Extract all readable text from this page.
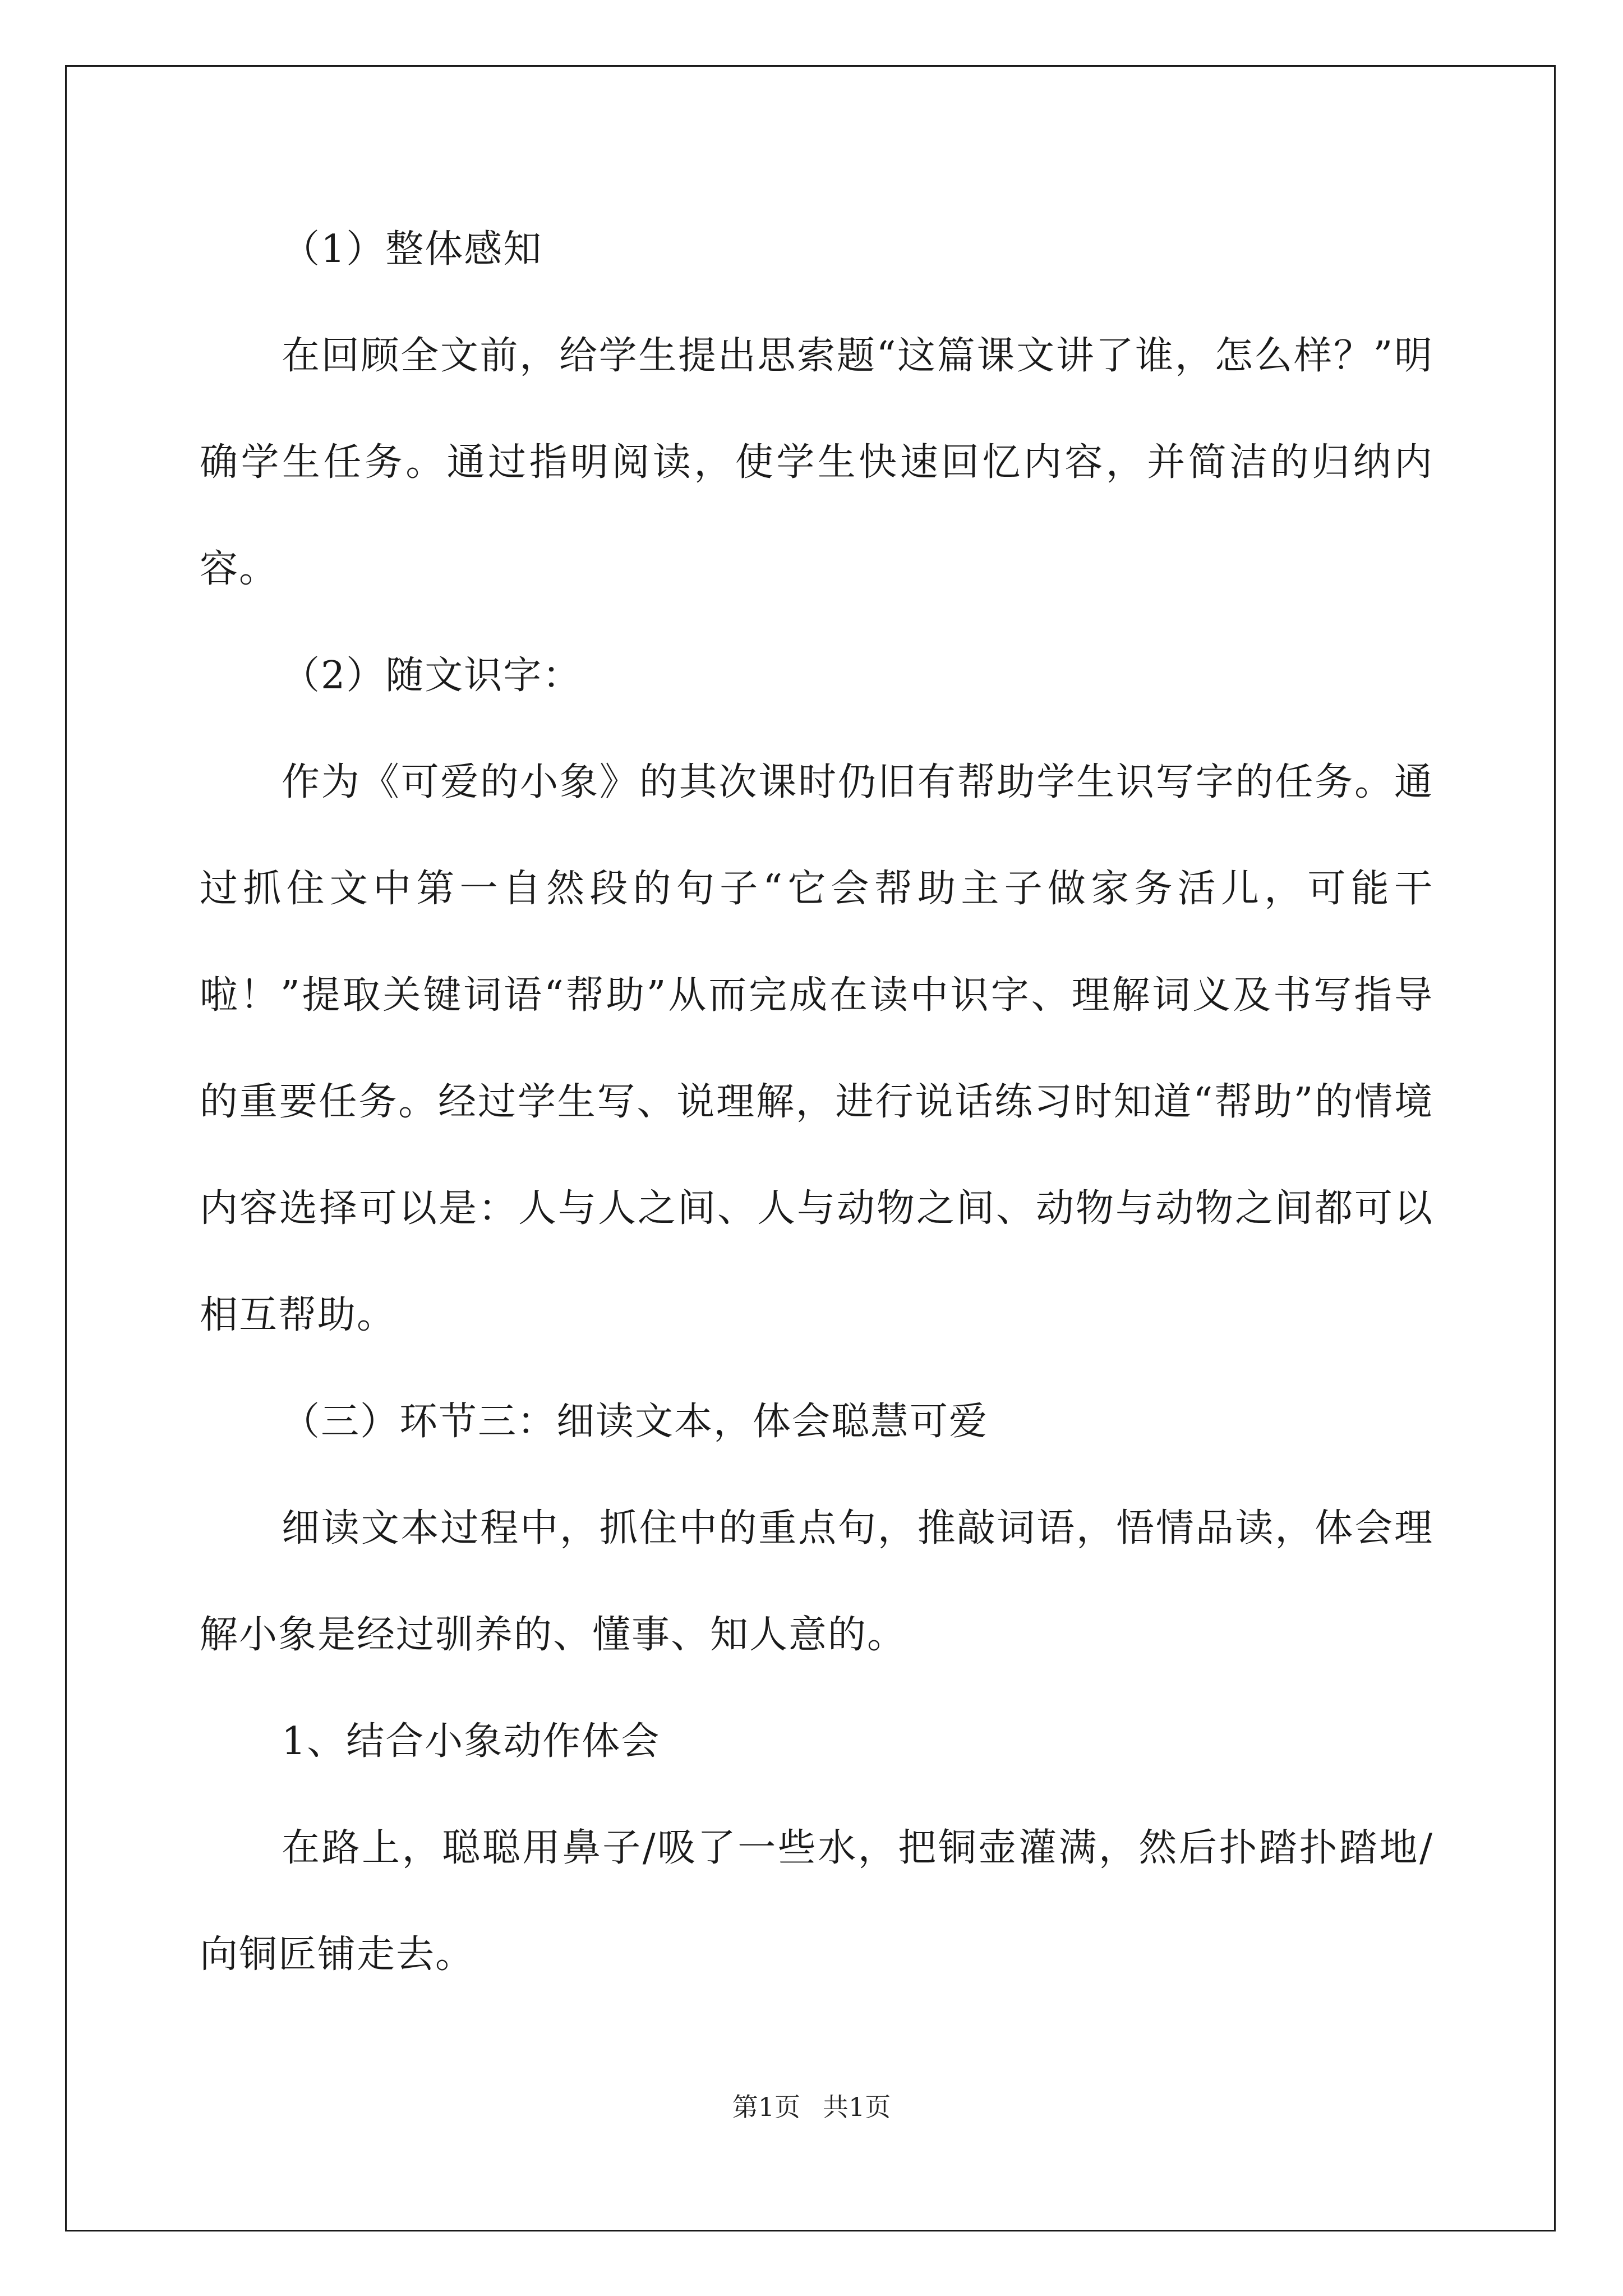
（1）整体感知

在回顾全文前，给学生提出思索题“这篇课文讲了谁，怎么样？”明确学生任务。通过指明阅读，使学生快速回忆内容，并简洁的归纳内容。

（2）随文识字：

作为《可爱的小象》的其次课时仍旧有帮助学生识写字的任务。通过抓住文中第一自然段的句子“它会帮助主子做家务活儿，可能干啦！”提取关键词语“帮助”从而完成在读中识字、理解词义及书写指导的重要任务。经过学生写、说理解，进行说话练习时知道“帮助”的情境内容选择可以是：人与人之间、人与动物之间、动物与动物之间都可以相互帮助。

（三）环节三：细读文本，体会聪慧可爱

细读文本过程中，抓住中的重点句，推敲词语，悟情品读，体会理解小象是经过驯养的、懂事、知人意的。

1、结合小象动作体会

在路上，聪聪用鼻子/吸了一些水，把铜壶灌满，然后扑踏扑踏地/向铜匠铺走去。

第1页 共1页
